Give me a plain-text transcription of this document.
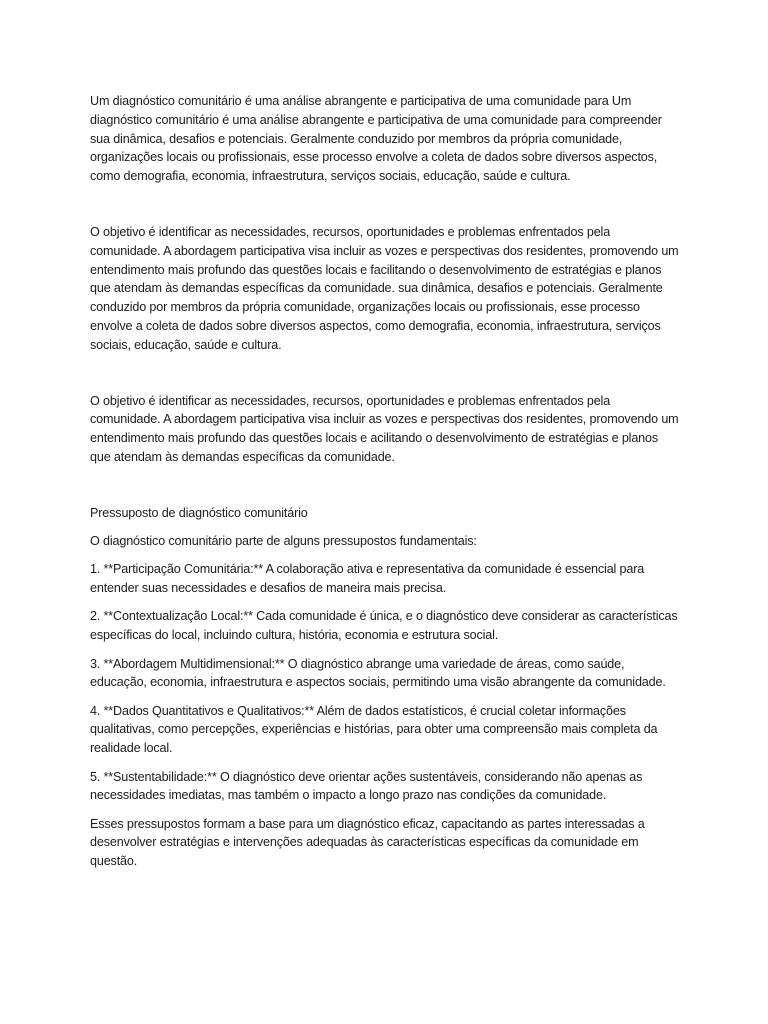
Um diagnóstico comunitário é uma análise abrangente e participativa de uma comunidade para Um diagnóstico comunitário é uma análise abrangente e participativa de uma comunidade para compreender sua dinâmica, desafios e potenciais. Geralmente conduzido por membros da própria comunidade, organizações locais ou profissionais, esse processo envolve a coleta de dados sobre diversos aspectos, como demografia, economia, infraestrutura, serviços sociais, educação, saúde e cultura.

O objetivo é identificar as necessidades, recursos, oportunidades e problemas enfrentados pela comunidade. A abordagem participativa visa incluir as vozes e perspectivas dos residentes, promovendo um entendimento mais profundo das questões locais e facilitando o desenvolvimento de estratégias e planos que atendam às demandas específicas da comunidade. sua dinâmica, desafios e potenciais. Geralmente conduzido por membros da própria comunidade, organizações locais ou profissionais, esse processo envolve a coleta de dados sobre diversos aspectos, como demografia, economia, infraestrutura, serviços sociais, educação, saúde e cultura.

O objetivo é identificar as necessidades, recursos, oportunidades e problemas enfrentados pela comunidade. A abordagem participativa visa incluir as vozes e perspectivas dos residentes, promovendo um entendimento mais profundo das questões locais e acilitando o desenvolvimento de estratégias e planos que atendam às demandas específicas da comunidade.

Pressuposto de diagnóstico comunitário

O diagnóstico comunitário parte de alguns pressupostos fundamentais:

1. **Participação Comunitária:** A colaboração ativa e representativa da comunidade é essencial para entender suas necessidades e desafios de maneira mais precisa.

2. **Contextualização Local:** Cada comunidade é única, e o diagnóstico deve considerar as características específicas do local, incluindo cultura, história, economia e estrutura social.

3. **Abordagem Multidimensional:** O diagnóstico abrange uma variedade de áreas, como saúde, educação, economia, infraestrutura e aspectos sociais, permitindo uma visão abrangente da comunidade.

4. **Dados Quantitativos e Qualitativos:** Além de dados estatísticos, é crucial coletar informações qualitativas, como percepções, experiências e histórias, para obter uma compreensão mais completa da realidade local.

5. **Sustentabilidade:** O diagnóstico deve orientar ações sustentáveis, considerando não apenas as necessidades imediatas, mas também o impacto a longo prazo nas condições da comunidade.

Esses pressupostos formam a base para um diagnóstico eficaz, capacitando as partes interessadas a desenvolver estratégias e intervenções adequadas às características específicas da comunidade em questão.
